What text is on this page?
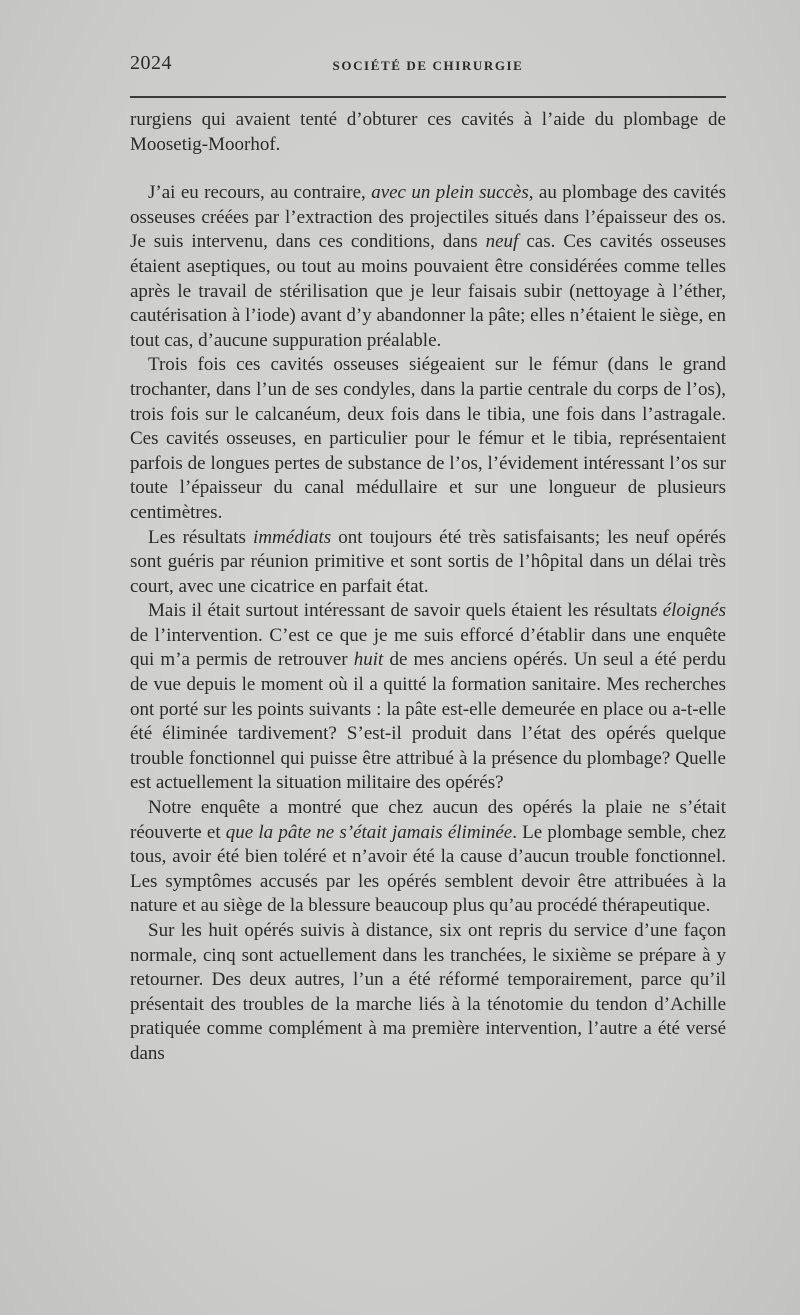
2024	SOCIÉTÉ DE CHIRURGIE

rurgiens qui avaient tenté d’obturer ces cavités à l’aide du plombage de Moosetig-Moorhof.

J’ai eu recours, au contraire, avec un plein succès, au plombage des cavités osseuses créées par l’extraction des projectiles situés dans l’épaisseur des os. Je suis intervenu, dans ces conditions, dans neuf cas. Ces cavités osseuses étaient aseptiques, ou tout au moins pouvaient être considérées comme telles après le travail de stérilisation que je leur faisais subir (nettoyage à l’éther, cautérisation à l’iode) avant d’y abandonner la pâte; elles n’étaient le siège, en tout cas, d’aucune suppuration préalable.

Trois fois ces cavités osseuses siégeaient sur le fémur (dans le grand trochanter, dans l’un de ses condyles, dans la partie centrale du corps de l’os), trois fois sur le calcanéum, deux fois dans le tibia, une fois dans l’astragale. Ces cavités osseuses, en particulier pour le fémur et le tibia, représentaient parfois de longues pertes de substance de l’os, l’évidement intéressant l’os sur toute l’épaisseur du canal médullaire et sur une longueur de plusieurs centimètres.

Les résultats immédiats ont toujours été très satisfaisants; les neuf opérés sont guéris par réunion primitive et sont sortis de l’hôpital dans un délai très court, avec une cicatrice en parfait état.

Mais il était surtout intéressant de savoir quels étaient les résultats éloignés de l’intervention. C’est ce que je me suis efforcé d’établir dans une enquête qui m’a permis de retrouver huit de mes anciens opérés. Un seul a été perdu de vue depuis le moment où il a quitté la formation sanitaire. Mes recherches ont porté sur les points suivants : la pâte est-elle demeurée en place ou a-t-elle été éliminée tardivement? S’est-il produit dans l’état des opérés quelque trouble fonctionnel qui puisse être attribué à la présence du plombage? Quelle est actuellement la situation militaire des opérés?

Notre enquête a montré que chez aucun des opérés la plaie ne s’était réouverte et que la pâte ne s’était jamais éliminée. Le plombage semble, chez tous, avoir été bien toléré et n’avoir été la cause d’aucun trouble fonctionnel. Les symptômes accusés par les opérés semblent devoir être attribuées à la nature et au siège de la blessure beaucoup plus qu’au procédé thérapeutique.

Sur les huit opérés suivis à distance, six ont repris du service d’une façon normale, cinq sont actuellement dans les tranchées, le sixième se prépare à y retourner. Des deux autres, l’un a été réformé temporairement, parce qu’il présentait des troubles de la marche liés à la ténotomie du tendon d’Achille pratiquée comme complément à ma première intervention, l’autre a été versé dans
